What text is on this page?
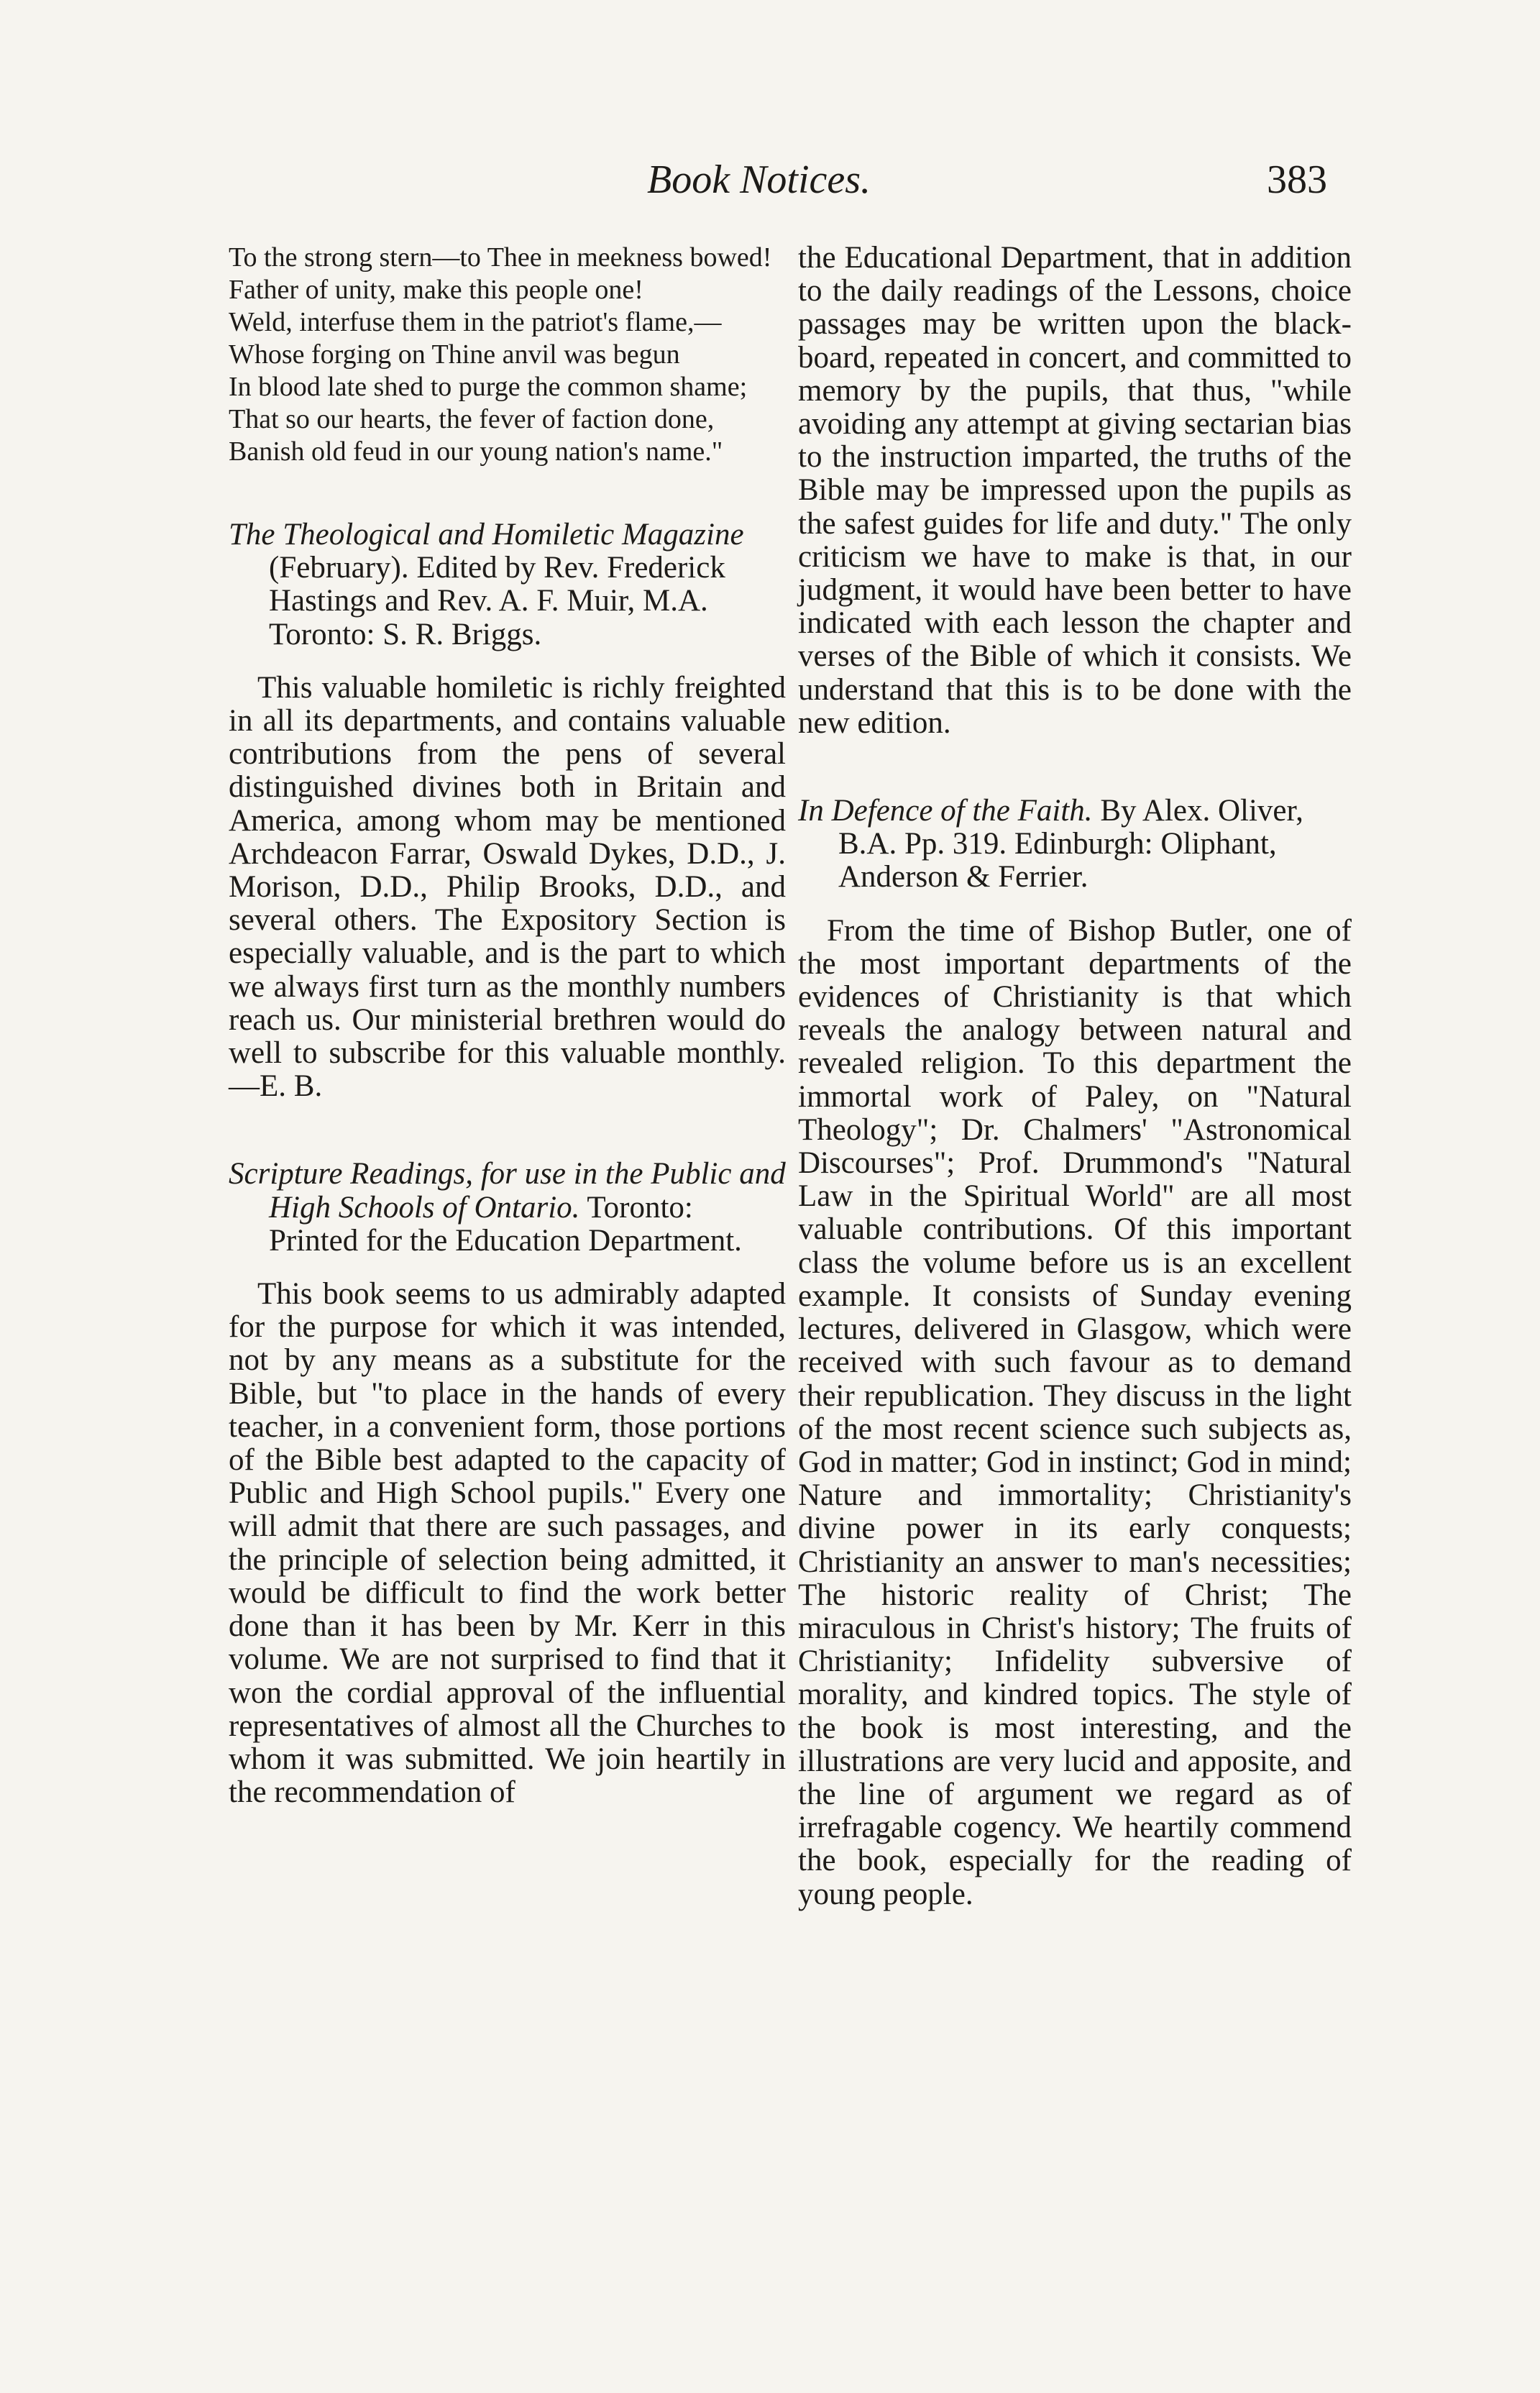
Book Notices.	383
To the strong stern—to Thee in meekness bowed!
Father of unity, make this people one!
Weld, interfuse them in the patriot's flame,—
Whose forging on Thine anvil was begun
In blood late shed to purge the common shame;
That so our hearts, the fever of faction done,
Banish old feud in our young nation's name."
The Theological and Homiletic Magazine (February). Edited by Rev. Frederick Hastings and Rev. A. F. Muir, M.A. Toronto: S. R. Briggs.

This valuable homiletic is richly freighted in all its departments, and contains valuable contributions from the pens of several distinguished divines both in Britain and America, among whom may be mentioned Archdeacon Farrar, Oswald Dykes, D.D., J. Morison, D.D., Philip Brooks, D.D., and several others. The Expository Section is especially valuable, and is the part to which we always first turn as the monthly numbers reach us. Our ministerial brethren would do well to subscribe for this valuable monthly.—E. B.

Scripture Readings, for use in the Public and High Schools of Ontario. Toronto: Printed for the Education Department.

This book seems to us admirably adapted for the purpose for which it was intended, not by any means as a substitute for the Bible, but "to place in the hands of every teacher, in a convenient form, those portions of the Bible best adapted to the capacity of Public and High School pupils." Every one will admit that there are such passages, and the principle of selection being admitted, it would be difficult to find the work better done than it has been by Mr. Kerr in this volume. We are not surprised to find that it won the cordial approval of the influential representatives of almost all the Churches to whom it was submitted. We join heartily in the recommendation of

the Educational Department, that in addition to the daily readings of the Lessons, choice passages may be written upon the black-board, repeated in concert, and committed to memory by the pupils, that thus, "while avoiding any attempt at giving sectarian bias to the instruction imparted, the truths of the Bible may be impressed upon the pupils as the safest guides for life and duty." The only criticism we have to make is that, in our judgment, it would have been better to have indicated with each lesson the chapter and verses of the Bible of which it consists. We understand that this is to be done with the new edition.

In Defence of the Faith. By Alex. Oliver, B.A. Pp. 319. Edinburgh: Oliphant, Anderson & Ferrier.

From the time of Bishop Butler, one of the most important departments of the evidences of Christianity is that which reveals the analogy between natural and revealed religion. To this department the immortal work of Paley, on "Natural Theology"; Dr. Chalmers' "Astronomical Discourses"; Prof. Drummond's "Natural Law in the Spiritual World" are all most valuable contributions. Of this important class the volume before us is an excellent example. It consists of Sunday evening lectures, delivered in Glasgow, which were received with such favour as to demand their republication. They discuss in the light of the most recent science such subjects as, God in matter; God in instinct; God in mind; Nature and immortality; Christianity's divine power in its early conquests; Christianity an answer to man's necessities; The historic reality of Christ; The miraculous in Christ's history; The fruits of Christianity; Infidelity subversive of morality, and kindred topics. The style of the book is most interesting, and the illustrations are very lucid and apposite, and the line of argument we regard as of irrefragable cogency. We heartily commend the book, especially for the reading of young people.
